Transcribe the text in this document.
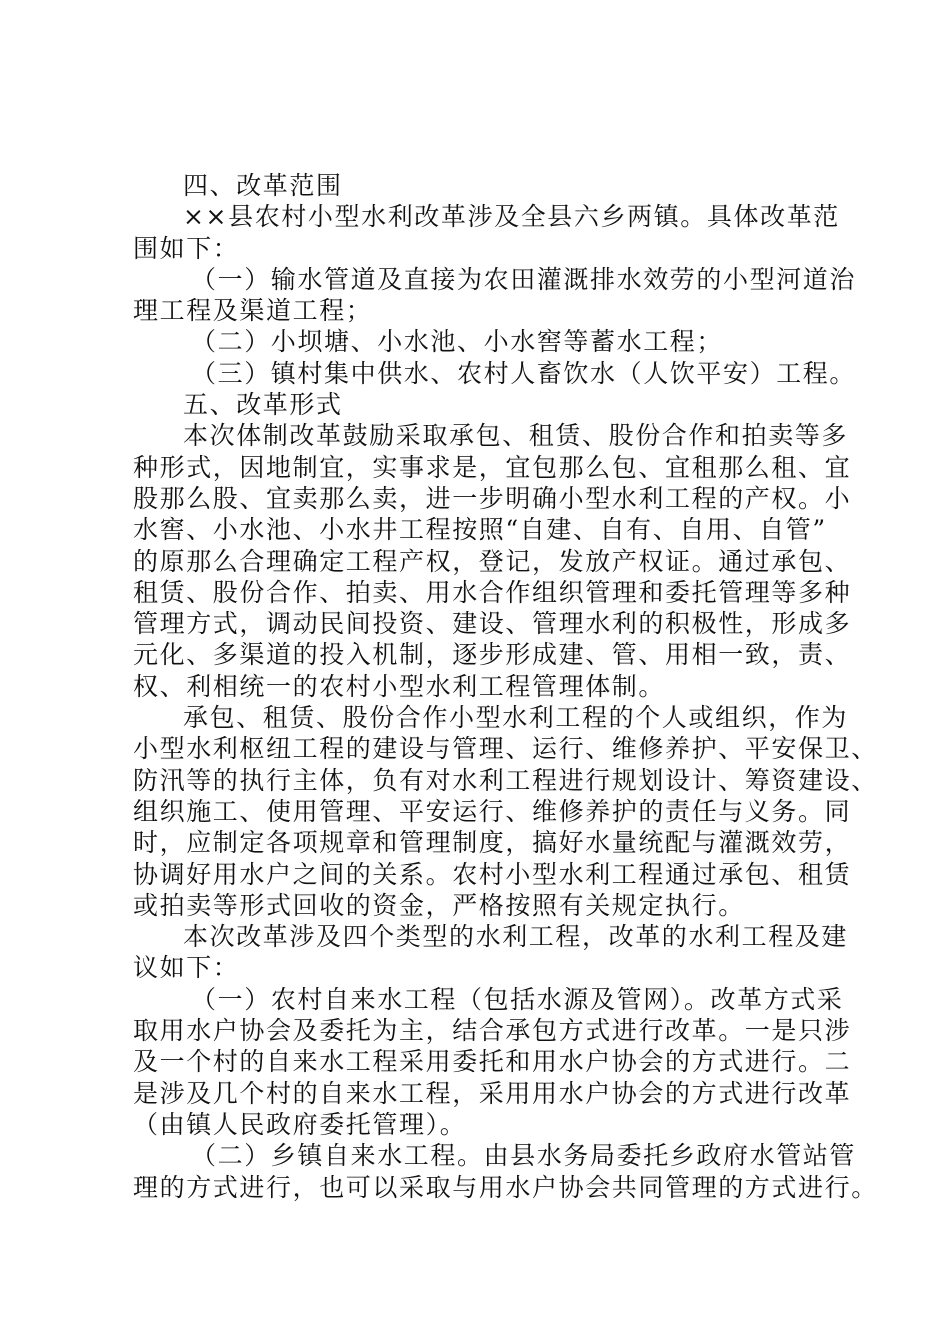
四、改革范围
××县农村小型水利改革涉及全县六乡两镇。具体改革范
围如下：
（一）输水管道及直接为农田灌溉排水效劳的小型河道治
理工程及渠道工程；
（二）小坝塘、小水池、小水窖等蓄水工程；
（三）镇村集中供水、农村人畜饮水（人饮平安）工程。
五、改革形式
本次体制改革鼓励采取承包、租赁、股份合作和拍卖等多
种形式，因地制宜，实事求是，宜包那么包、宜租那么租、宜
股那么股、宜卖那么卖，进一步明确小型水利工程的产权。小
水窖、小水池、小水井工程按照“自建、自有、自用、自管”
的原那么合理确定工程产权，登记，发放产权证。通过承包、
租赁、股份合作、拍卖、用水合作组织管理和委托管理等多种
管理方式，调动民间投资、建设、管理水利的积极性，形成多
元化、多渠道的投入机制，逐步形成建、管、用相一致，责、
权、利相统一的农村小型水利工程管理体制。
承包、租赁、股份合作小型水利工程的个人或组织，作为
小型水利枢纽工程的建设与管理、运行、维修养护、平安保卫、
防汛等的执行主体，负有对水利工程进行规划设计、筹资建设、
组织施工、使用管理、平安运行、维修养护的责任与义务。同
时，应制定各项规章和管理制度，搞好水量统配与灌溉效劳，
协调好用水户之间的关系。农村小型水利工程通过承包、租赁
或拍卖等形式回收的资金，严格按照有关规定执行。
本次改革涉及四个类型的水利工程，改革的水利工程及建
议如下：
（一）农村自来水工程（包括水源及管网）。改革方式采
取用水户协会及委托为主，结合承包方式进行改革。一是只涉
及一个村的自来水工程采用委托和用水户协会的方式进行。二
是涉及几个村的自来水工程，采用用水户协会的方式进行改革
（由镇人民政府委托管理）。
（二）乡镇自来水工程。由县水务局委托乡政府水管站管
理的方式进行，也可以采取与用水户协会共同管理的方式进行。
